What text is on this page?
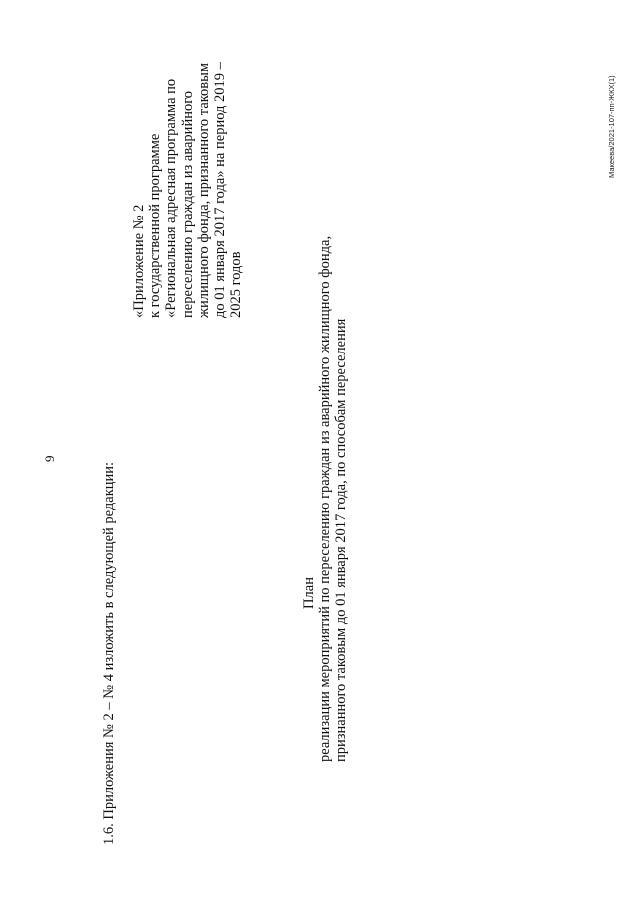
9
1.6. Приложения № 2 – № 4 изложить в следующей редакции:
«Приложение № 2 к государственной программе «Региональная адресная программа по переселению граждан из аварийного жилищного фонда, признанного таковым до 01 января 2017 года» на период 2019 – 2025 годов
План реализации мероприятий по переселению граждан из аварийного жилищного фонда, признанного таковым до 01 января 2017 года, по способам переселения
Макеева/2021-107-пп-ЖКХ(1)
